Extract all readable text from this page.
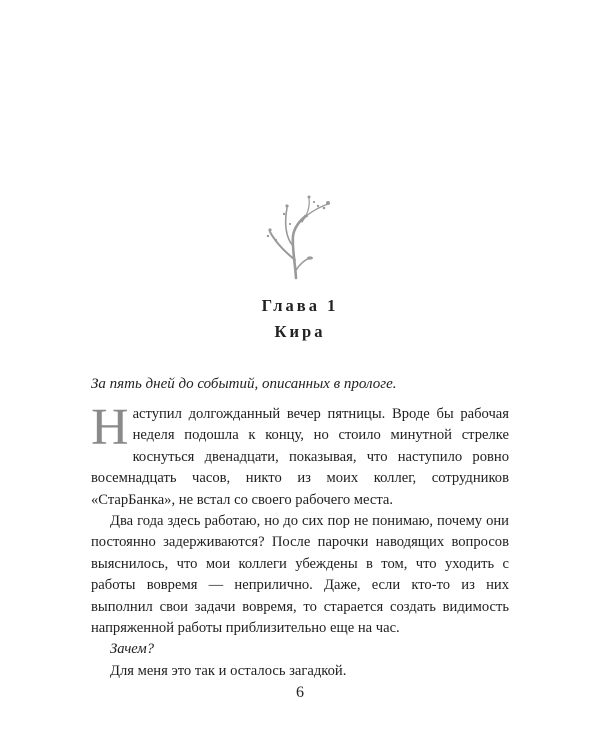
Глава 1
Кира
За пять дней до событий, описанных в прологе.

Наступил долгожданный вечер пятницы. Вроде бы рабочая неделя подошла к концу, но стоило минутной стрелке коснуться двенадцати, показывая, что наступило ровно восемнадцать часов, никто из моих коллег, сотрудников «СтарБанка», не встал со своего рабочего места.

Два года здесь работаю, но до сих пор не понимаю, почему они постоянно задерживаются? После парочки наводящих вопросов выяснилось, что мои коллеги убеждены в том, что уходить с работы вовремя — неприлично. Даже, если кто-то из них выполнил свои задачи вовремя, то старается создать видимость напряженной работы приблизительно еще на час.

Зачем?

Для меня это так и осталось загадкой.

6
